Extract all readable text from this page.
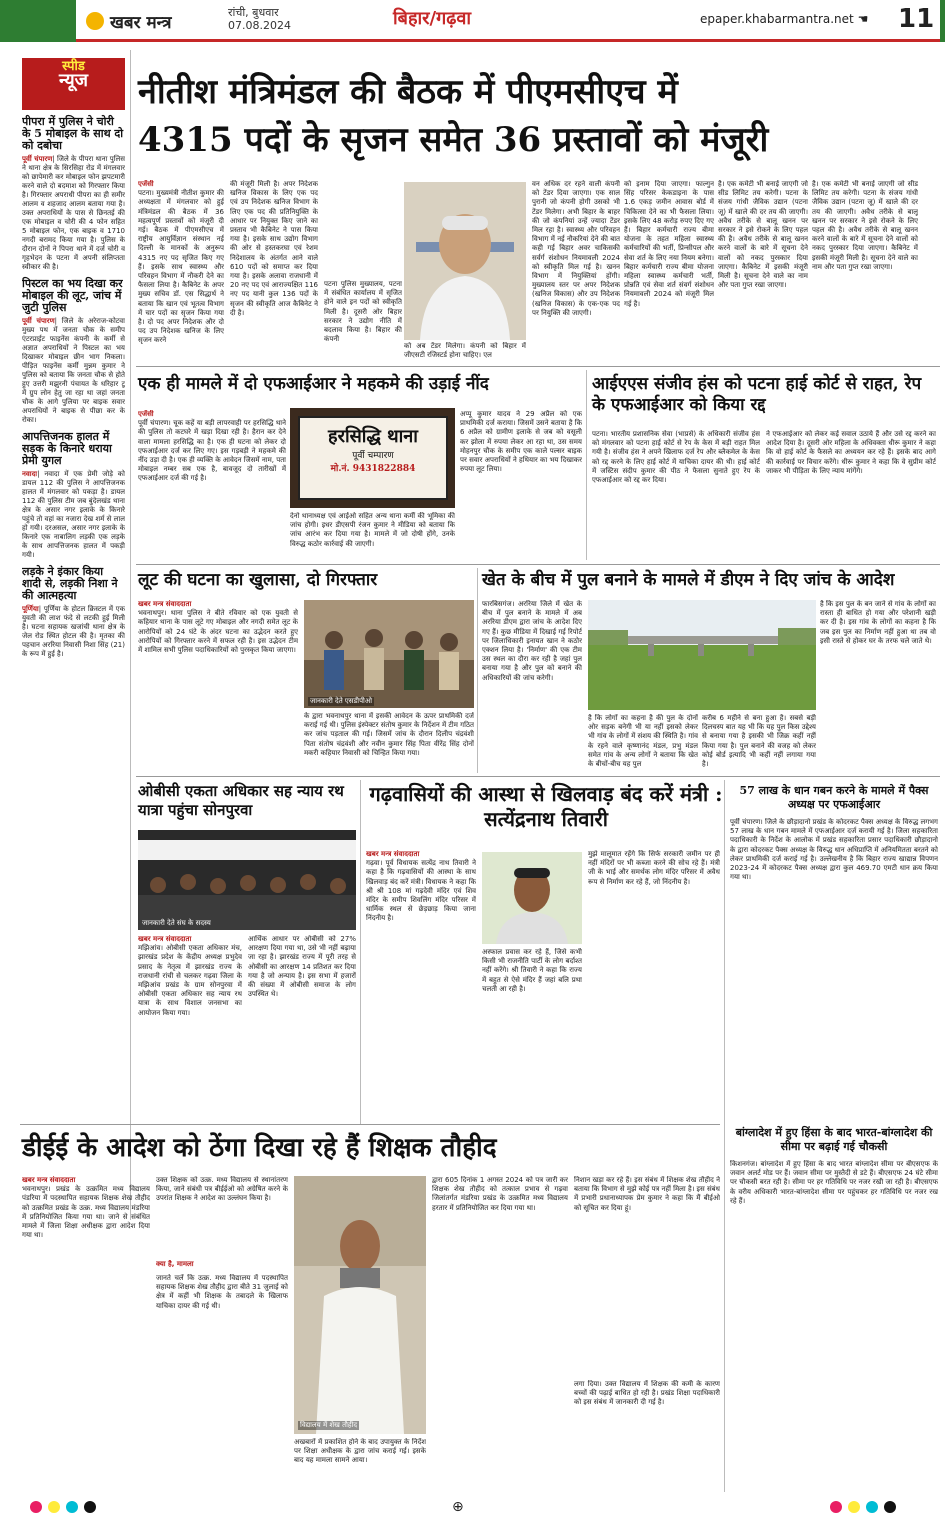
खबर मन्त्र
रांची, बुधवार
07.08.2024	बिहार/गढ़वा	epaper.khabarmantra.net ☚ 11
स्पीड
न्यूज
पीपरा में पुलिस ने चोरी के 5 मोबाइल के साथ दो को दबोचा
पूर्वी चंपारण| जिले के पीपरा थाना पुलिस ने थाना क्षेत्र के सिरसिहा रोड में मंगलवार को छापेमारी कर मोबाइल फोन झपटमारी करने वाले दो बदमाश को गिरफ्तार किया है। गिरफ्तार अपराधी पीपरा का ही समीर आलम व शहजाद आलम बताया गया है। उक्त अपराधियों के पास से छिनतई की एक मोबाइल व चोरी की 4 फोन सहित 5 मोबाइल फोन, एक बाइक व 1710 नगदी बरामद किया गया है। पुलिस के दौरान दोनों ने पिपरा थाने में दर्ज चोरी व गृहभेदन के पटना में अपनी संलिप्तता स्वीकार की है।
पिस्टल का भय दिखा कर मोबाइल की लूट, जांच में जुटी पुलिस
पूर्वी चंपारण| जिले के अरेराज-कोटवा मुख्य पथ में जनता चौक के समीप एंटरप्राईट फाइनेंस कंपनी के कर्मी से अज्ञात अपराधियों ने पिस्टल का भय दिखाकर मोबाइल छीन भाग निकला। पीड़ित फाइनेंस कर्मी मुन्नम कुमार ने पुलिस को बताया कि जनता चौक से होते हुए उत्तरी मझुरनी पंचायत के धरिहार टू में ग्रुप लोन हेतु जा रहा था जहां जनता चौक के आगे पुलिया पर बाइक सवार अपराधियों ने बाइक से पीछा कर के रोका।
आपत्तिजनक हालत में सड़क के किनारे धराया प्रेमी युगल
नवादा| नवादा में एक प्रेमी जोड़े को डायल 112 की पुलिस ने आपत्तिजनक हालत में मंगलवार को पकड़ा है। डायल 112 की पुलिस टीम जब बुंदेलखंड थाना क्षेत्र के असार नगर इलाके के किनारे पहुंचे तो वहां का नजारा देख शर्म से लाल हो गयी। दरअसल, असार नगर इलाके के किनारे एक नाबालिग लड़की एक लड़के के साथ आपत्तिजनक हालत में पकड़ी गयी।
लड़के ने इंकार किया शादी से, लड़की निशा ने की आत्महत्या
पूर्णिया| पूर्णिया के होटल क्रिस्टल में एक युवती की लाश फंदे से लटकी हुई मिली है। घटना सहायक खजांची थाना क्षेत्र के जेल रोड स्थित होटल की है। मृतका की पहचान अररिया निवासी निशा सिंह (21) के रूप में हुई है।
नीतीश मंत्रिमंडल की बैठक में पीएमसीएच में
4315 पदों के सृजन समेत 36 प्रस्तावों को मंजूरी
एजेंसी
पटना। मुख्यमंत्री नीतीश कुमार की अध्यक्षता में मंगलवार को हुई मंत्रिमंडल की बैठक में 36 महत्वपूर्ण प्रस्तावों को मंजूरी दी गई। बैठक में पीएमसीएच में राष्ट्रीय आयुर्विज्ञान संस्थान नई दिल्ली के मानकों के अनुरूप 4315 नए पद सृजित किए गए हैं। इसके साथ स्वास्थ्य और परिवहन विभाग में नौकरी देने का फैसला लिया है। कैबिनेट के अपर मुख्य सचिव डॉ. एस सिद्धार्थ ने बताया कि खान एवं भूतत्व विभाग में चार पदों का सृजन किया गया है। दो पद अपर निदेशक और दो पद उप निदेशक खनिज के लिए सृजन करने
की मंजूरी मिली है। अपर निदेशक खनिज विकास के लिए एक पद एवं उप निदेशक खनिज विभाग के लिए एक पद की प्रतिनियुक्ति के आधार पर नियुक्त किए जाने का प्रस्ताव भी कैबिनेट ने पास किया गया है। इसके साथ उद्योग विभाग की ओर से हस्तकरघा एवं रेशम निदेशालय के अंतर्गत आने वाले 610 पदों को समाप्त कर दिया गया है। इसके अलावा राजधानी में 20 नए पद एवं आराज्यक्षित 116 नए पद यानी कुल 136 पदों के सृजन की स्वीकृति आज कैबिनेट ने दी है।
पटना पुलिस मुख्यालय, पटना में संबंधित कार्यालय में सृजित होने वाले इन पदों को स्वीकृति मिली है। दूसरी ओर बिहार सरकार ने उद्योग नीति में बदलाव किया है। बिहार की कंपनी
को अब टेंडर मिलेगा। कंपनी को बिहार में जीएसटी रजिस्टर्ड होना चाहिए। एल
वन अधिक दर रहने वाली कंपनी को टेंडर दिया जाएगा। एक साल पुरानी जो कंपनी होगी उसको भी टेंडर मिलेगा। अभी बिहार के बाहर की जो कंपनियां उन्हें ज्यादा टेंडर मिल रहा है। स्वास्थ्य और परिवहन विभाग में नई नौकरियां देने की बात कही गई बिहार अवर चाकिसकी सर्वर्ग संशोधन नियमावली 2024 को स्वीकृति मिल गई है। खनन विभाग में नियुक्तियां होंगी। मुख्यालय स्तर पर अपर निदेशक (खनिज विकास) और उप निदेशक (खनिज विकास) के एक-एक पद पर नियुक्ति की जाएगी।
को इनाम दिया जाएगा। फाल्गुन सिंह परिसर केकडाइना के पास 1.6 एकड़ जमीन आवास बोर्ड में चिकित्सा देने का भी फैसला लिया। इसके लिए 48 करोड़ रुपए दिए गए हैं। बिहार कर्मचारी राज्य बीमा योजना के तहत महिला स्वास्थ्य कर्मचारियों की भर्ती, प्रिन्सीपल और सेवा शर्त के लिए नया नियम बनेगा। बिहार कर्मचारी राज्य बीमा योजना महिला स्वास्थ्य कर्मचारी भर्ती, प्रोन्नति एवं सेवा शर्त संवर्ग संशोधन नियमावली 2024 को मंजूरी मिल गई है।
है। एक कमेटी भी बनाई जाएगी जो सीड लिमिट तय करेगी। पटना के संजय गांधी जैविक उद्यान (पटना जू) में खाले की दर तय की जाएगी। अवैध तरीके से बालू खनन पर सरकार ने इसे रोकने के लिए पहल की है। अवैध तरीके से बालू खनन करने वालों के बारे में सूचना देने वालों को नकद पुरस्कार दिया जाएगा। कैबिनेट में इसकी मंजूरी मिली है। सूचना देने वाले का नाम और पता गुप्त रखा जाएगा।
है। एक कमेटी भी बनाई जाएगी जो सीड लिमिट तय करेगी। पटना के संजय गांधी जैविक उद्यान (पटना जू) में खाले की दर तय की जाएगी। अवैध तरीके से बालू खनन पर सरकार ने इसे रोकने के लिए पहल की है। अवैध तरीके से बालू खनन करने वालों के बारे में सूचना देने वालों को नकद पुरस्कार दिया जाएगा। कैबिनेट में इसकी मंजूरी मिली है। सूचना देने वाले का नाम और पता गुप्त रखा जाएगा।
एक ही मामले में दो एफआईआर ने महकमे की उड़ाई नींद
एजेंसी
पूर्वी चंपारण। चूक कहें या बड़ी लापरवाही पर हरसिद्धि थाने की पुलिस तो कटघरे में खड़ा दिखा रही है। हैरान कर देने वाला मामला हरसिद्धि का है। एक ही घटना को लेकर दो एफआईआर दर्ज कर लिए गए। इस गड़बड़ी ने महकमे की नींद उड़ा दी है। एक ही व्यक्ति के आवेदन जिसमें नाम, पता मोबाइल नम्बर सब एक है, बावजूद दो तारीखों में एफआईआर दर्ज की गई है।
हरसिद्धि थाना
पूर्वी चम्पारण
मो.नं. 9431822884
देनो थानाध्यक्ष एवं आईओ सहित अन्य थाना कर्मी की भूमिका की जांच होगी। इधर डीएसपी रंजन कुमार ने मीडिया को बताया कि जांच आरंभ कर दिया गया है। मामले में जो दोषी होंगे, उनके विरुद्ध कठोर कार्रवाई की जाएगी।
अप्पू कुमार यादव ने 29 अप्रैल को एक प्राथमिकी दर्ज कराया। जिसमें उसने बताया है कि 6 अप्रैल को ग्रामीण इलाके से जब को वसूली कर झोला में रुपया लेकर आ रहा था, उस समय मोहनपुर चौक के समीप एक काले पल्सर बाइक पर सवार अपराधियों ने हथियार का भय दिखाकर रुपया लूट लिया।
आईएएस संजीव हंस को पटना हाई कोर्ट से राहत, रेप के एफआईआर को किया रद्द
पटना। भारतीय प्रशासनिक सेवा (भाप्रसे) के अधिकारी संजीव हंस को मंगलवार को पटना हाई कोर्ट से रेप के केस में बड़ी राहत मिल गयी है। संजीव हंस ने अपने खिलाफ दर्ज रेप और ब्लैकमेल के केस को रद्द करने के लिए हाई कोर्ट में याचिका दायर की थी। हाई कोर्ट में जस्टिस संदीप कुमार की पीठ ने फैसला सुनाते हुए रेप के एफआईआर को रद्द कर दिया।
ने एफआईआर को लेकर कई सवाल उठाये हैं और उसे रद्द करने का आदेश दिया है। दूसरी ओर महिला के अधिवक्ता धीरू कुमार ने कहा कि वो हाई कोर्ट के फैसले का अध्ययन कर रहे हैं। इसके बाद आगे की कार्रवाई पर विचार करेंगे। धीरू कुमार ने कहा कि वे सुप्रीम कोर्ट जाकर भी पीड़िता के लिए न्याय मांगेंगे।
लूट की घटना का खुलासा, दो गिरफ्तार
खबर मन्त्र संवाददाता
भवनाथपुर। थाना पुलिस ने बीते रविवार को एक युवती से कहियार थाना के पास लूटे गए मोबाइल और नगदी समेत लूट के आरोपियों को 24 घंटे के अंदर घटना का उद्भेदन करते हुए आरोपियों को गिरफ्तार करने में सफल रही है। इस उद्भेदन टीम में शामिल सभी पुलिस पदाधिकारियों को पुरस्कृत किया जाएगा।
जानकारी देते एसडीपीओ
के द्वारा भवनाथपुर थाना में इसकी आवेदन के ऊपर प्राथमिकी दर्ज कराई गई थी। पुलिस इंस्पेक्टर संतोष कुमार के निर्देशन में टीम गठित कर जांच पड़ताल की गई। जिसमें जांच के दौरान दिलीप चंद्रवंशी पिता संतोष चंद्रवंशी और नवीन कुमार सिंह पिता वीरेंद्र सिंह दोनों मकरी कहियार निवासी को चिन्हित किया गया।
खेत के बीच में पुल बनाने के मामले में डीएम ने दिए जांच के आदेश
फारबिसगंज। अररिया जिले में खेत के बीच में पुल बनाने के मामले में अब अररिया डीएम द्वारा जांच के आदेश दिए गए हैं। कुछ मीडिया में दिखाई गई रिपोर्ट पर जिलाधिकारी इनायत खान ने कठोर एक्शन लिया है। 'निर्माण' की एक टीम उस स्थल का दौरा कर रही है जहां पुल बनाया गया है और पुल को बनाने की अधिकारियों की जांच करेगी।
है कि लोगों का कहना है की पुल के दोनों ओर सड़क बनेगी भी या नहीं इसको लेकर भी गांव के लोगों में संशय की स्थिति है। गांव के रहने वाले कृष्णानंद मंडल, प्रभु मंडल समेत गांव के अन्य लोगों ने बताया कि खेत के बीचों-बीच यह पुल
करीब 6 महीने से बना हुआ है। सबसे बड़ी दिलचस्प बात यह भी कि यह पुल किस उद्देश्य से बनाया गया है इसकी भी जिक्र कहीं नहीं किया गया है। पुल बनाने की वजह को लेकर कोई बोर्ड इत्यादि भी कहीं नहीं लगाया गया है।
है कि इस पुल के बन जाने से गांव के लोगों का रास्ता ही बाधित हो गया और परेशानी खड़ी कर दी है। इस गांव के लोगों का कहना है कि जब इस पुल का निर्माण नहीं हुआ था तब वो इसी रास्ते से होकर घर के तरफ चले जाते थे।
ओबीसी एकता अधिकार सह न्याय रथ यात्रा पहुंचा सोनपुरवा
जानकारी देते संघ के सदस्य
खबर मन्त्र संवाददाता
मझिआंव। ओबीसी एकता अधिकार मंच, झारखंड प्रदेश के केंद्रीय अध्यक्ष प्रभुदेव प्रसाद के नेतृत्व में झारखंड राज्य के राजधानी रांची से चलकर गढ़वा जिला के मझिआंव प्रखंड के ग्राम सोनपुरवा में ओबीसी एकता अधिकार सह न्याय रथ यात्रा के साथ विशाल जनसभा का आयोजन किया गया।
आर्थिक आधार पर ओबीसी को 27% आरक्षण दिया गया था, उसे भी नहीं बढ़ाया जा रहा है। झारखंड राज्य में पूरी तरह से ओबीसी का आरक्षण 14 प्रतिशत कर दिया गया है जो अन्याय है। इस सभा में हजारों की संख्या में ओबीसी समाज के लोग उपस्थित थे।
गढ़वासियों की आस्था से खिलवाड़ बंद करें मंत्री : सत्येंद्रनाथ तिवारी
खबर मन्त्र संवाददाता
गढ़वा। पूर्व विधायक सत्येंद्र नाथ तिवारी ने कहा है कि गढ़वासियों की आस्था के साथ खिलवाड़ बंद करें मंत्री। विधायक ने कहा कि श्री श्री 108 मां गढ़देवी मंदिर एवं शिव मंदिर के समीप शिवलिंग मंदिर परिसर में धार्मिक स्थल से छेड़छाड़ किया जाना निंदनीय है।
अस्फाल प्रवास कर रहे हैं, जिसे कभी किसी भी राजनीति पार्टी के लोग बर्दाश्त नहीं करेंगे। श्री तिवारी ने कहा कि राज्य में बहुत से ऐसे मंदिर हैं जहां बलि प्रथा चलती आ रही है।
मुझे मालूमात रहेंगे कि सिर्फ सरकारी जमीन पर ही नहीं मंदिरों पर भी कब्जा करने की सोच रहे हैं। मंत्री जी के भाई और समर्थक लोग मंदिर परिसर में अवैध रूप से निर्माण कर रहे हैं, जो निंदनीय है।
57 लाख के धान गबन करने के मामले में पैक्स अध्यक्ष पर एफआईआर
पूर्वी चंपारण। जिले के छौड़ादानो प्रखंड के कोदरकट पैक्स अध्यक्ष के विरुद्ध लगभग 57 लाख के धान गबन मामले में एफआईआर दर्ज करायी गई है। जिला सहकारिता पदाधिकारी के निर्देश के आलोक में प्रखंड सहकारिता प्रसार पदाधिकारी छौड़ादानो के द्वारा कोदरकट पैक्स अध्यक्ष के विरुद्ध धान अधिप्राप्ति में अनियमितता बरतने को लेकर प्राथमिकी दर्ज कराई गई है। उल्लेखनीय है कि बिहार राज्य खाद्यान्न विपणन 2023-24 में कोदरकट पैक्स अध्यक्ष द्वारा कुल 469.70 एमटी धान क्रय किया गया था।
बांग्लादेश में हुए हिंसा के बाद भारत-बांग्लादेश की सीमा पर बढ़ाई गई चौकसी
किशनगंज। बांग्लादेश में हुए हिंसा के बाद भारत बांग्लादेश सीमा पर बीएसएफ के जवान अलर्ट मोड पर हैं। जवान सीमा पर मुस्तैदी से डटे हैं। बीएसएफ 24 घंटे सीमा पर चौकसी बरत रही है। सीमा पर हर गतिविधि पर नजर रखी जा रही है। बीएसएफ के वरीय अधिकारी भारत-बांग्लादेश सीमा पर पहुंचकर हर गतिविधि पर नजर रख रहे हैं।
डीईई के आदेश को ठेंगा दिखा रहे हैं शिक्षक तौहीद
खबर मन्त्र संवाददाता
भवनाथपुर। प्रखंड के उत्क्रमित मध्य विद्यालय पंडरिया में पदस्थापित सहायक शिक्षक शेख तौहीद को उत्क्रमित प्रखंड के उत्क्र. मध्य विद्यालय मंडरिया में प्रतिनियोजित किया गया था। जाने से संबंधित मामले में जिला शिक्षा अधीक्षक द्वारा आदेश दिया गया था।
उक्त शिक्षक को उत्क्र. मध्य विद्यालय से स्थानांतरण किया, जाने संबंधी पत्र बीईईओ को अग्रेषित करने के उपरांत शिक्षक ने आदेश का उल्लंघन किया है।
क्या है, मामला
जानते चलें कि उत्क्र. मध्य विद्यालय में पदस्थापित सहायक शिक्षक शेख तौहीद द्वारा बीते 31 जुलाई को क्षेत्र में कहीं भी शिक्षक के तबादले के खिलाफ याचिका दायर की गई थी।
विद्यालय में शेख तौहीद
अखबारों में प्रकाशित होने के बाद उपायुक्त के निर्देश पर शिक्षा अधीक्षक के द्वारा जांच कराई गई। इसके बाद यह मामला सामने आया।
द्वारा 605 दिनांक 1 अगस्त 2024 को पत्र जारी कर शिक्षक शेख तौहीद को तत्काल प्रभाव से गढ़वा जिलांतर्गत मंडरिया प्रखंड के उत्क्रमित मध्य विद्यालय हरतार में प्रतिनियोजित कर दिया गया था।
निशान खड़ा कर रहे हैं। इस संबंध में शिक्षक शेख तौहीद ने बताया कि विभाग से मुझे कोई पत्र नहीं मिला है। इस संबंध में प्रभारी प्रधानाध्यापक प्रेम कुमार ने कहा कि मैं बीईओ को सूचित कर दिया हूं।
लगा दिया। उक्त विद्यालय में शिक्षक की कमी के कारण बच्चों की पढ़ाई बाधित हो रही है। प्रखंड शिक्षा पदाधिकारी को इस संबंध में जानकारी दी गई है।
⊕
